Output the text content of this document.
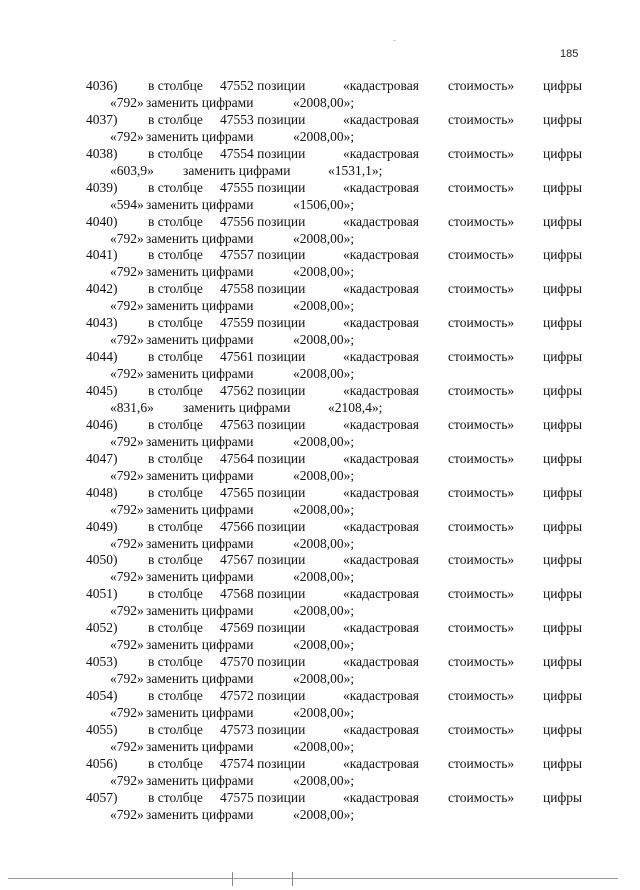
185
4036) в столбце 47552 позиции	«кадастровая стоимость» цифры
«792» заменить цифрами	«2008,00»;
4037) в столбце 47553 позиции	«кадастровая стоимость» цифры
«792» заменить цифрами	«2008,00»;
4038) в столбце 47554 позиции	«кадастровая стоимость» цифры
«603,9» заменить цифрами	«1531,1»;
4039) в столбце 47555 позиции	«кадастровая стоимость» цифры
«594» заменить цифрами	«1506,00»;
4040) в столбце 47556 позиции	«кадастровая стоимость» цифры
«792» заменить цифрами	«2008,00»;
4041) в столбце 47557 позиции	«кадастровая стоимость» цифры
«792» заменить цифрами	«2008,00»;
4042) в столбце 47558 позиции	«кадастровая стоимость» цифры
«792» заменить цифрами	«2008,00»;
4043) в столбце 47559 позиции	«кадастровая стоимость» цифры
«792» заменить цифрами	«2008,00»;
4044) в столбце 47561 позиции	«кадастровая стоимость» цифры
«792» заменить цифрами	«2008,00»;
4045) в столбце 47562 позиции	«кадастровая стоимость» цифры
«831,6» заменить цифрами	«2108,4»;
4046) в столбце 47563 позиции	«кадастровая стоимость» цифры
«792» заменить цифрами	«2008,00»;
4047) в столбце 47564 позиции	«кадастровая стоимость» цифры
«792» заменить цифрами	«2008,00»;
4048) в столбце 47565 позиции	«кадастровая стоимость» цифры
«792» заменить цифрами	«2008,00»;
4049) в столбце 47566 позиции	«кадастровая стоимость» цифры
«792» заменить цифрами	«2008,00»;
4050) в столбце 47567 позиции	«кадастровая стоимость» цифры
«792» заменить цифрами	«2008,00»;
4051) в столбце 47568 позиции	«кадастровая стоимость» цифры
«792» заменить цифрами	«2008,00»;
4052) в столбце 47569 позиции	«кадастровая стоимость» цифры
«792» заменить цифрами	«2008,00»;
4053) в столбце 47570 позиции	«кадастровая стоимость» цифры
«792» заменить цифрами	«2008,00»;
4054) в столбце 47572 позиции	«кадастровая стоимость» цифры
«792» заменить цифрами	«2008,00»;
4055) в столбце 47573 позиции	«кадастровая стоимость» цифры
«792» заменить цифрами	«2008,00»;
4056) в столбце 47574 позиции	«кадастровая стоимость» цифры
«792» заменить цифрами	«2008,00»;
4057) в столбце 47575 позиции	«кадастровая стоимость» цифры
«792» заменить цифрами	«2008,00»;
